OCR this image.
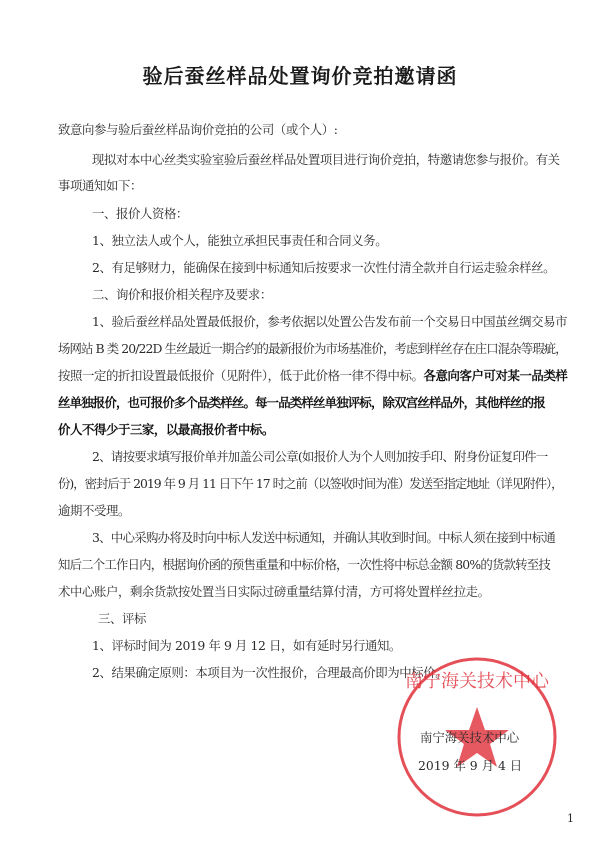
验后蚕丝样品处置询价竞拍邀请函
致意向参与验后蚕丝样品询价竞拍的公司（或个人）:
现拟对本中心丝类实验室验后蚕丝样品处置项目进行询价竞拍，特邀请您参与报价。有关
事项通知如下：
一、报价人资格：
1、独立法人或个人，能独立承担民事责任和合同义务。
2、有足够财力，能确保在接到中标通知后按要求一次性付清全款并自行运走验余样丝。
二、询价和报价相关程序及要求：
1、验后蚕丝样品处置最低报价，参考依据以处置公告发布前一个交易日中国茧丝绸交易市
场网站 B 类 20/22D 生丝最近一期合约的最新报价为市场基准价，考虑到样丝存在庄口混杂等瑕疵，
按照一定的折扣设置最低报价（见附件），低于此价格一律不得中标。各意向客户可对某一品类样
丝单独报价，也可报价多个品类样丝。每一品类样丝单独评标，除双宫丝样品外，其他样丝的报
价人不得少于三家，以最高报价者中标。
2、请按要求填写报价单并加盖公司公章(如报价人为个人则加按手印、附身份证复印件一
份)，密封后于 2019 年 9 月 11 日下午 17 时之前（以签收时间为准）发送至指定地址（详见附件），
逾期不受理。
3、中心采购办将及时向中标人发送中标通知，并确认其收到时间。中标人须在接到中标通
知后二个工作日内，根据询价函的预售重量和中标价格，一次性将中标总金额 80%的货款转至技
术中心账户，剩余货款按处置当日实际过磅重量结算付清，方可将处置样丝拉走。
三、评标
1、评标时间为 2019 年 9 月 12 日，如有延时另行通知。
2、结果确定原则：本项目为一次性报价，合理最高价即为中标价。
南宁海关技术中心
南宁海关技术中心
2019 年 9 月 4 日
1
